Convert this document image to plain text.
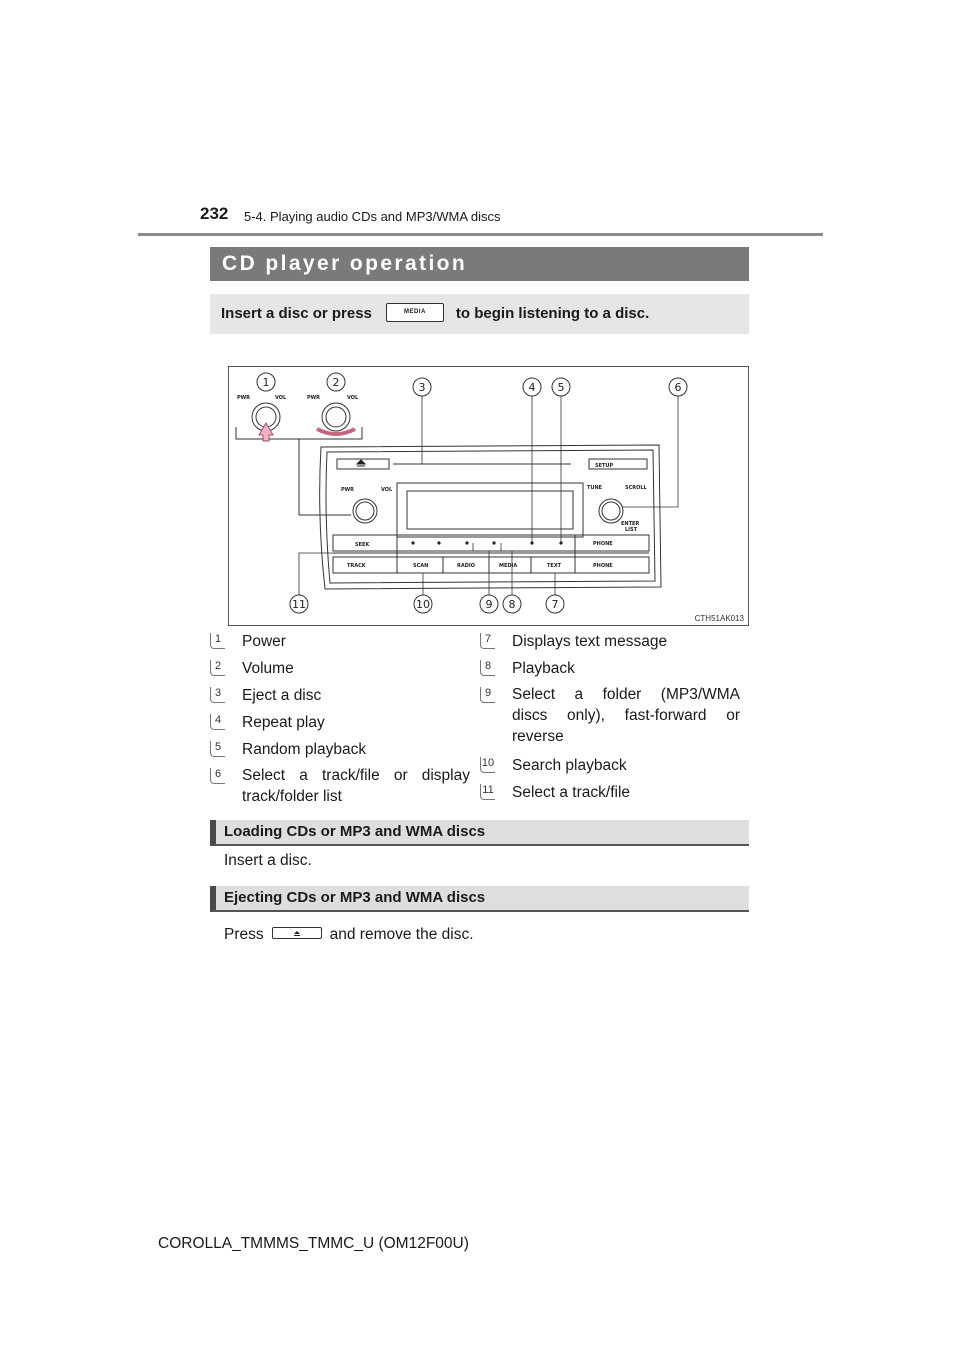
232 5-4. Playing audio CDs and MP3/WMA discs
CD player operation
Insert a disc or press	MEDIA to begin listening to a disc.
PWR	VOL	PWR	VOL
SETUP
PWR	VOL	TUNE	SCROLL
ENTER
LIST
SEEK
TRACK	SCAN	RADIO	MEDIA	TEXT
PHONE
PHONE
1	2	3	4 5	6
7
8
9
10
11
CTH51AK013
1 Power
2 Volume
3 Eject a disc
4 Repeat play
5 Random playback
6 Select a track/file or display
track/folder list
7 Displays text message
8 Playback
9 Select a folder (MP3/WMA
discs only), fast-forward or
reverse
10 Search playback
11 Select a track/file
Loading CDs or MP3 and WMA discs
Insert a disc.
Ejecting CDs or MP3 and WMA discs
Press	and remove the disc.
COROLLA_TMMMS_TMMC_U (OM12F00U)
